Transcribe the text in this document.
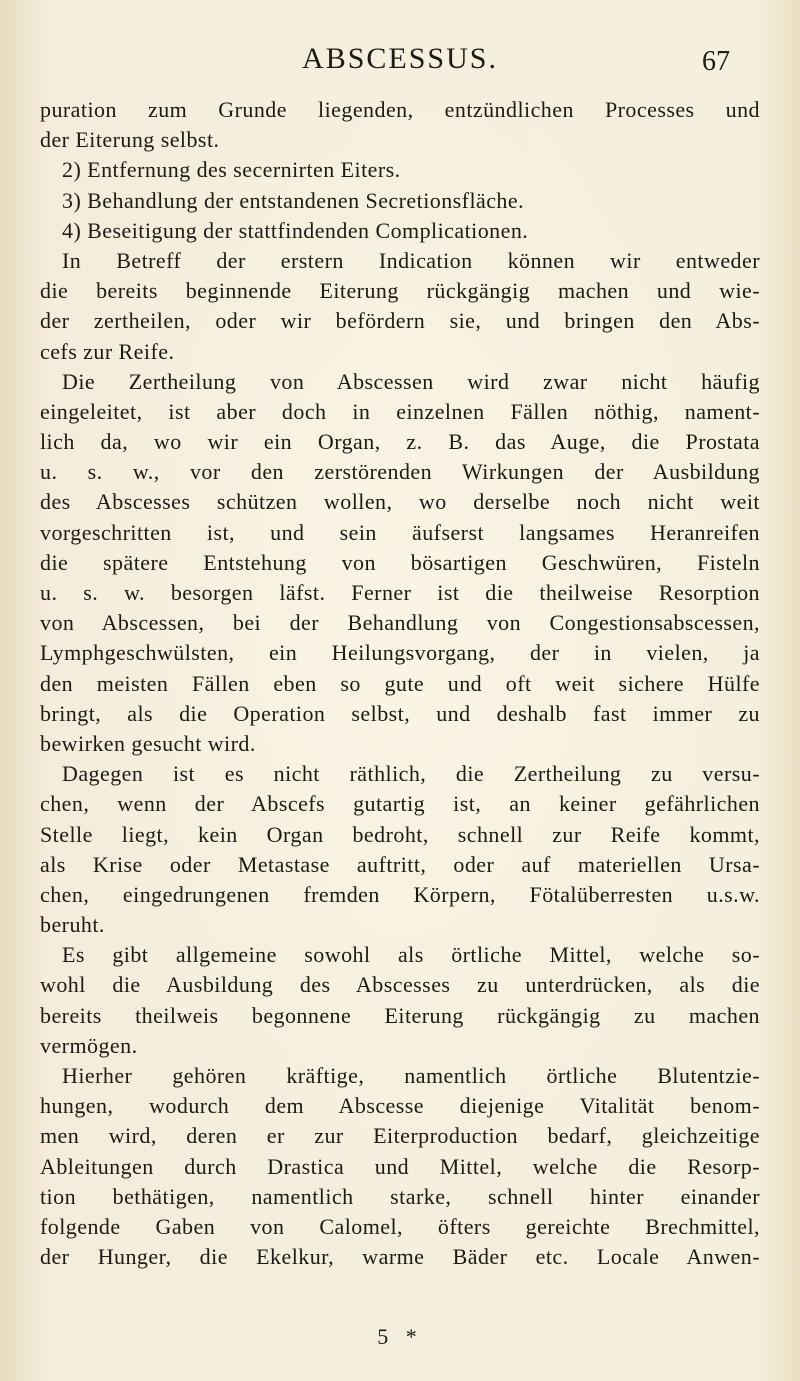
ABSCESSUS.	67
puration zum Grunde liegenden, entzündlichen Processes und
der Eiterung selbst.
2) Entfernung des secernirten Eiters.
3) Behandlung der entstandenen Secretionsfläche.
4) Beseitigung der stattfindenden Complicationen.
In Betreff der erstern Indication können wir entweder
die bereits beginnende Eiterung rückgängig machen und wie-
der zertheilen, oder wir befördern sie, und bringen den Abs-
cefs zur Reife.
Die Zertheilung von Abscessen wird zwar nicht häufig
eingeleitet, ist aber doch in einzelnen Fällen nöthig, nament-
lich da, wo wir ein Organ, z. B. das Auge, die Prostata
u. s. w., vor den zerstörenden Wirkungen der Ausbildung
des Abscesses schützen wollen, wo derselbe noch nicht weit
vorgeschritten ist, und sein äufserst langsames Heranreifen
die spätere Entstehung von bösartigen Geschwüren, Fisteln
u. s. w. besorgen läfst. Ferner ist die theilweise Resorption
von Abscessen, bei der Behandlung von Congestionsabscessen,
Lymphgeschwülsten, ein Heilungsvorgang, der in vielen, ja
den meisten Fällen eben so gute und oft weit sichere Hülfe
bringt, als die Operation selbst, und deshalb fast immer zu
bewirken gesucht wird.
Dagegen ist es nicht räthlich, die Zertheilung zu versu-
chen, wenn der Abscefs gutartig ist, an keiner gefährlichen
Stelle liegt, kein Organ bedroht, schnell zur Reife kommt,
als Krise oder Metastase auftritt, oder auf materiellen Ursa-
chen, eingedrungenen fremden Körpern, Fötalüberresten u.s.w.
beruht.
Es gibt allgemeine sowohl als örtliche Mittel, welche so-
wohl die Ausbildung des Abscesses zu unterdrücken, als die
bereits theilweis begonnene Eiterung rückgängig zu machen
vermögen.
Hierher gehören kräftige, namentlich örtliche Blutentzie-
hungen, wodurch dem Abscesse diejenige Vitalität benom-
men wird, deren er zur Eiterproduction bedarf, gleichzeitige
Ableitungen durch Drastica und Mittel, welche die Resorp-
tion bethätigen, namentlich starke, schnell hinter einander
folgende Gaben von Calomel, öfters gereichte Brechmittel,
der Hunger, die Ekelkur, warme Bäder etc. Locale Anwen-
5 *
